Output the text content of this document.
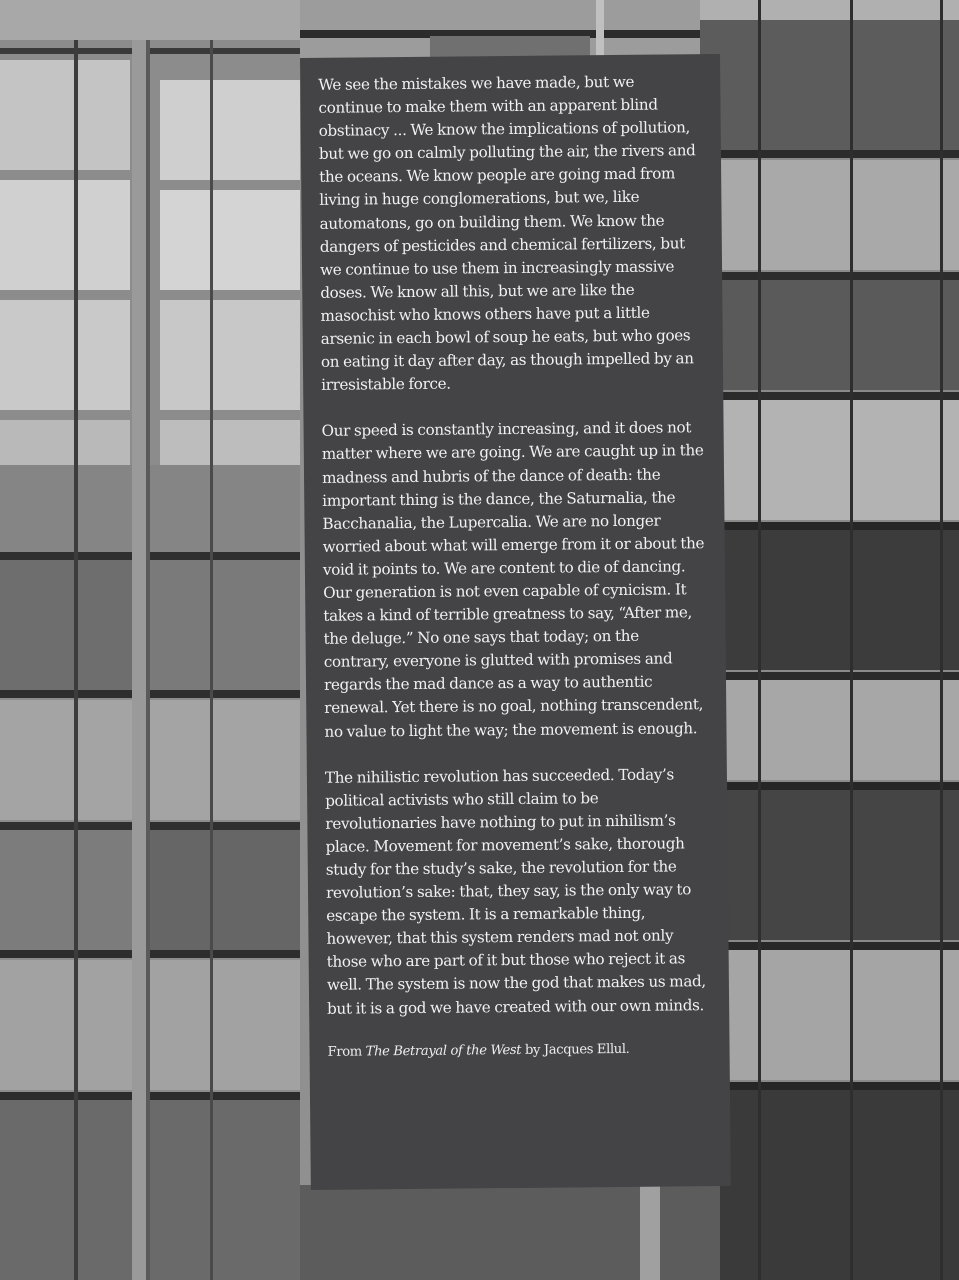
We see the mistakes we have made, but we continue to make them with an apparent blind obstinacy ... We know the implications of pollution, but we go on calmly polluting the air, the rivers and the oceans. We know people are going mad from living in huge conglomerations, but we, like automatons, go on building them. We know the dangers of pesticides and chemical fertilizers, but we continue to use them in increasingly massive doses. We know all this, but we are like the masochist who knows others have put a little arsenic in each bowl of soup he eats, but who goes on eating it day after day, as though impelled by an irresistable force.

Our speed is constantly increasing, and it does not matter where we are going. We are caught up in the madness and hubris of the dance of death: the important thing is the dance, the Saturnalia, the Bacchanalia, the Lupercalia. We are no longer worried about what will emerge from it or about the void it points to. We are content to die of dancing. Our generation is not even capable of cynicism. It takes a kind of terrible greatness to say, “After me, the deluge.” No one says that today; on the contrary, everyone is glutted with promises and regards the mad dance as a way to authentic renewal. Yet there is no goal, nothing transcendent, no value to light the way; the movement is enough.

The nihilistic revolution has succeeded. Today’s political activists who still claim to be revolutionaries have nothing to put in nihilism’s place. Movement for movement’s sake, thorough study for the study’s sake, the revolution for the revolution’s sake: that, they say, is the only way to escape the system. It is a remarkable thing, however, that this system renders mad not only those who are part of it but those who reject it as well. The system is now the god that makes us mad, but it is a god we have created with our own minds.

From The Betrayal of the West by Jacques Ellul.
